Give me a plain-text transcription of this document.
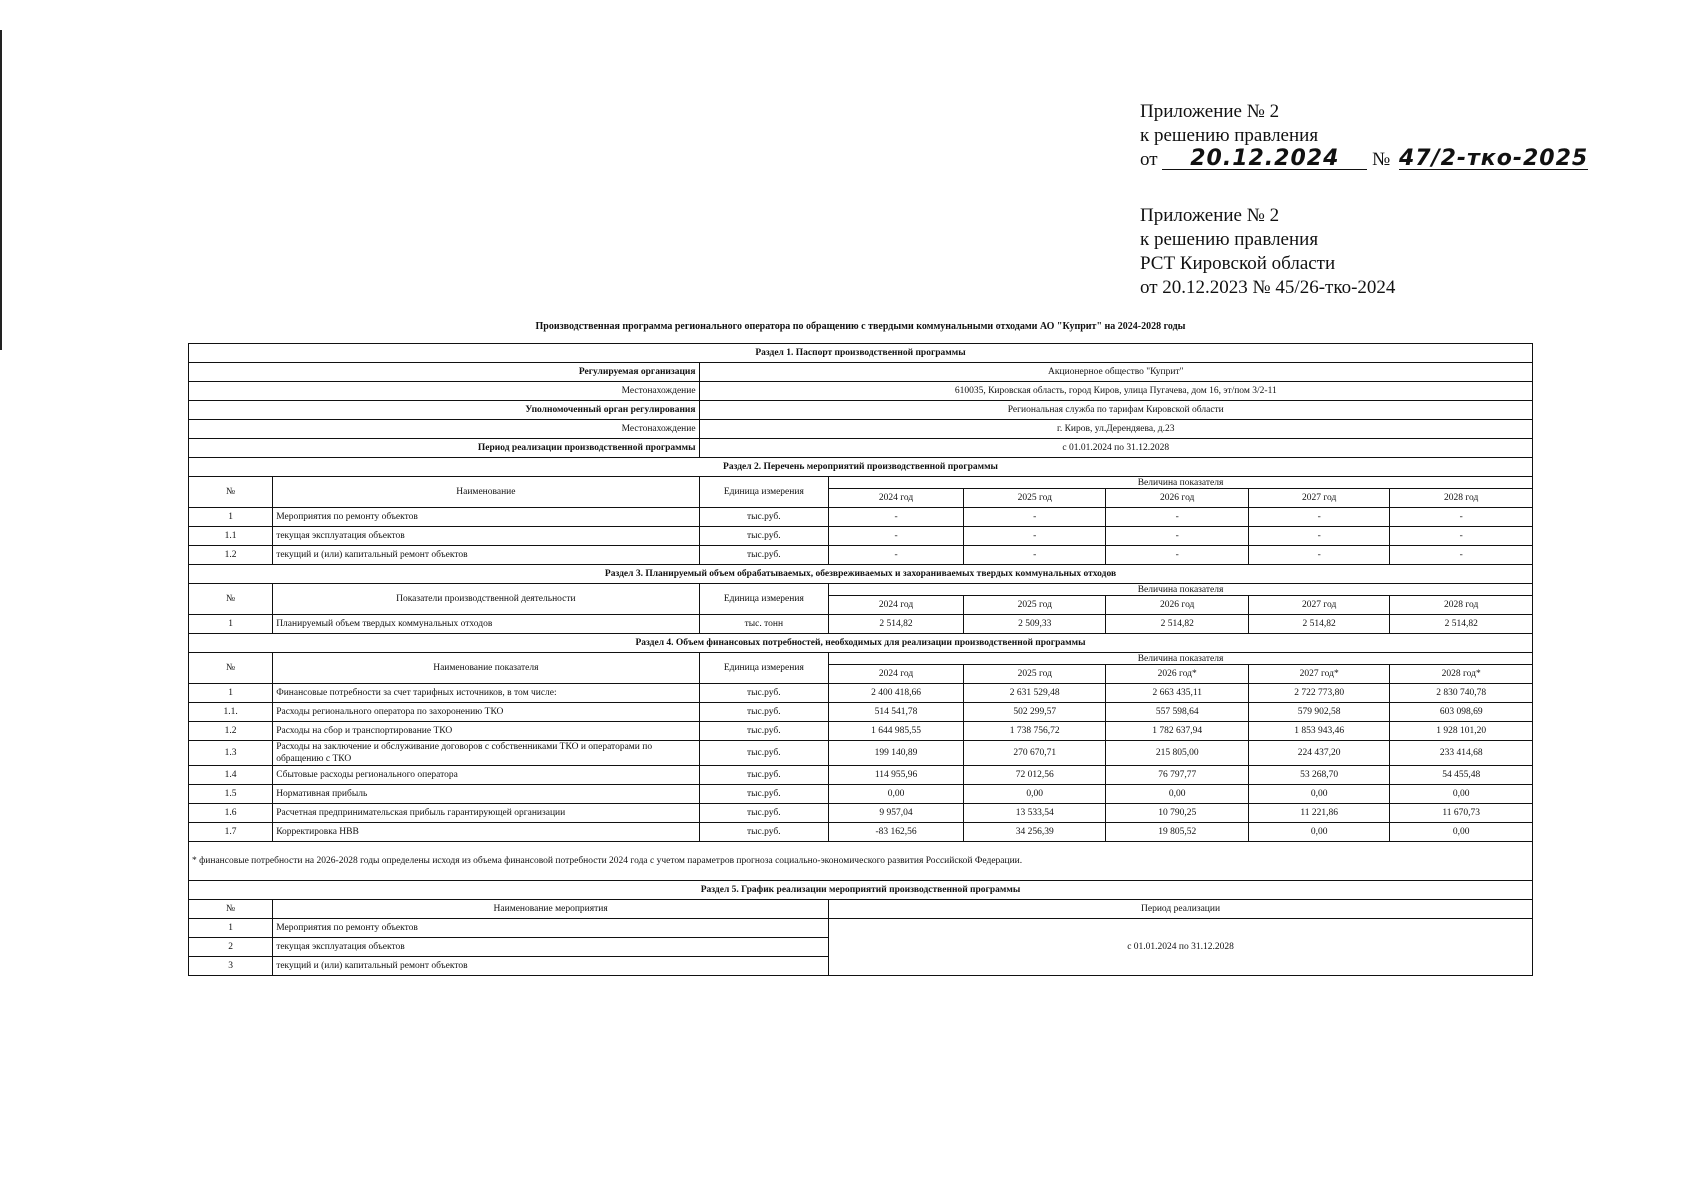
Приложение № 2
к решению правления
от 20.12.2024 № 47/2-тко-2025
Приложение № 2
к решению правления
РСТ Кировской области
от 20.12.2023 № 45/26-тко-2024
Производственная программа регионального оператора по обращению с твердыми коммунальными отходами АО "Куприт" на 2024-2028 годы
Раздел 1. Паспорт производственной программы							
Регулируемая организация		Акционерное общество "Куприт"					
Местонахождение		610035, Кировская область, город Киров, улица Пугачева, дом 16, эт/пом 3/2-11					
Уполномоченный орган регулирования		Региональная служба по тарифам Кировской области					
Местонахождение		г. Киров, ул.Дерендяева, д.23					
Период реализации производственной программы		с 01.01.2024 по 31.12.2028					
Раздел 2. Перечень мероприятий производственной программы							
№	Наименование	Единица измерения	Величина показателя				
			2024 год	2025 год	2026 год	2027 год	2028 год
1	Мероприятия по ремонту объектов	тыс.руб.	-	-	-	-	-
1.1	текущая эксплуатация объектов	тыс.руб.	-	-	-	-	-
1.2	текущий и (или) капитальный ремонт объектов	тыс.руб.	-	-	-	-	-
Раздел 3. Планируемый объем обрабатываемых, обезвреживаемых и захораниваемых твердых коммунальных отходов							
№	Показатели производственной деятельности	Единица измерения	Величина показателя				
			2024 год	2025 год	2026 год	2027 год	2028 год
1	Планируемый объем твердых коммунальных отходов	тыс. тонн	2 514,82	2 509,33	2 514,82	2 514,82	2 514,82
Раздел 4. Объем финансовых потребностей, необходимых для реализации производственной программы							
№	Наименование показателя	Единица измерения	Величина показателя				
			2024 год	2025 год	2026 год*	2027 год*	2028 год*
1	Финансовые потребности за счет тарифных источников, в том числе:	тыс.руб.	2 400 418,66	2 631 529,48	2 663 435,11	2 722 773,80	2 830 740,78
1.1.	Расходы регионального оператора по захоронению ТКО	тыс.руб.	514 541,78	502 299,57	557 598,64	579 902,58	603 098,69
1.2	Расходы на сбор и транспортирование ТКО	тыс.руб.	1 644 985,55	1 738 756,72	1 782 637,94	1 853 943,46	1 928 101,20
1.3	Расходы на заключение и обслуживание договоров с собственниками ТКО и операторами по обращению с ТКО	тыс.руб.	199 140,89	270 670,71	215 805,00	224 437,20	233 414,68
1.4	Сбытовые расходы регионального оператора	тыс.руб.	114 955,96	72 012,56	76 797,77	53 268,70	54 455,48
1.5	Нормативная прибыль	тыс.руб.	0,00	0,00	0,00	0,00	0,00
1.6	Расчетная предпринимательская прибыль гарантирующей организации	тыс.руб.	9 957,04	13 533,54	10 790,25	11 221,86	11 670,73
1.7	Корректировка НВВ	тыс.руб.	-83 162,56	34 256,39	19 805,52	0,00	0,00
* финансовые потребности на 2026-2028 годы определены исходя из объема финансовой потребности 2024 года с учетом параметров прогноза социально-экономического развития Российской Федерации.							
Раздел 5. График реализации мероприятий производственной программы							
№	Наименование мероприятия		Период реализации				
1	Мероприятия по ремонту объектов		с 01.01.2024 по 31.12.2028				
2	текущая эксплуатация объектов						
3	текущий и (или) капитальный ремонт объектов						
